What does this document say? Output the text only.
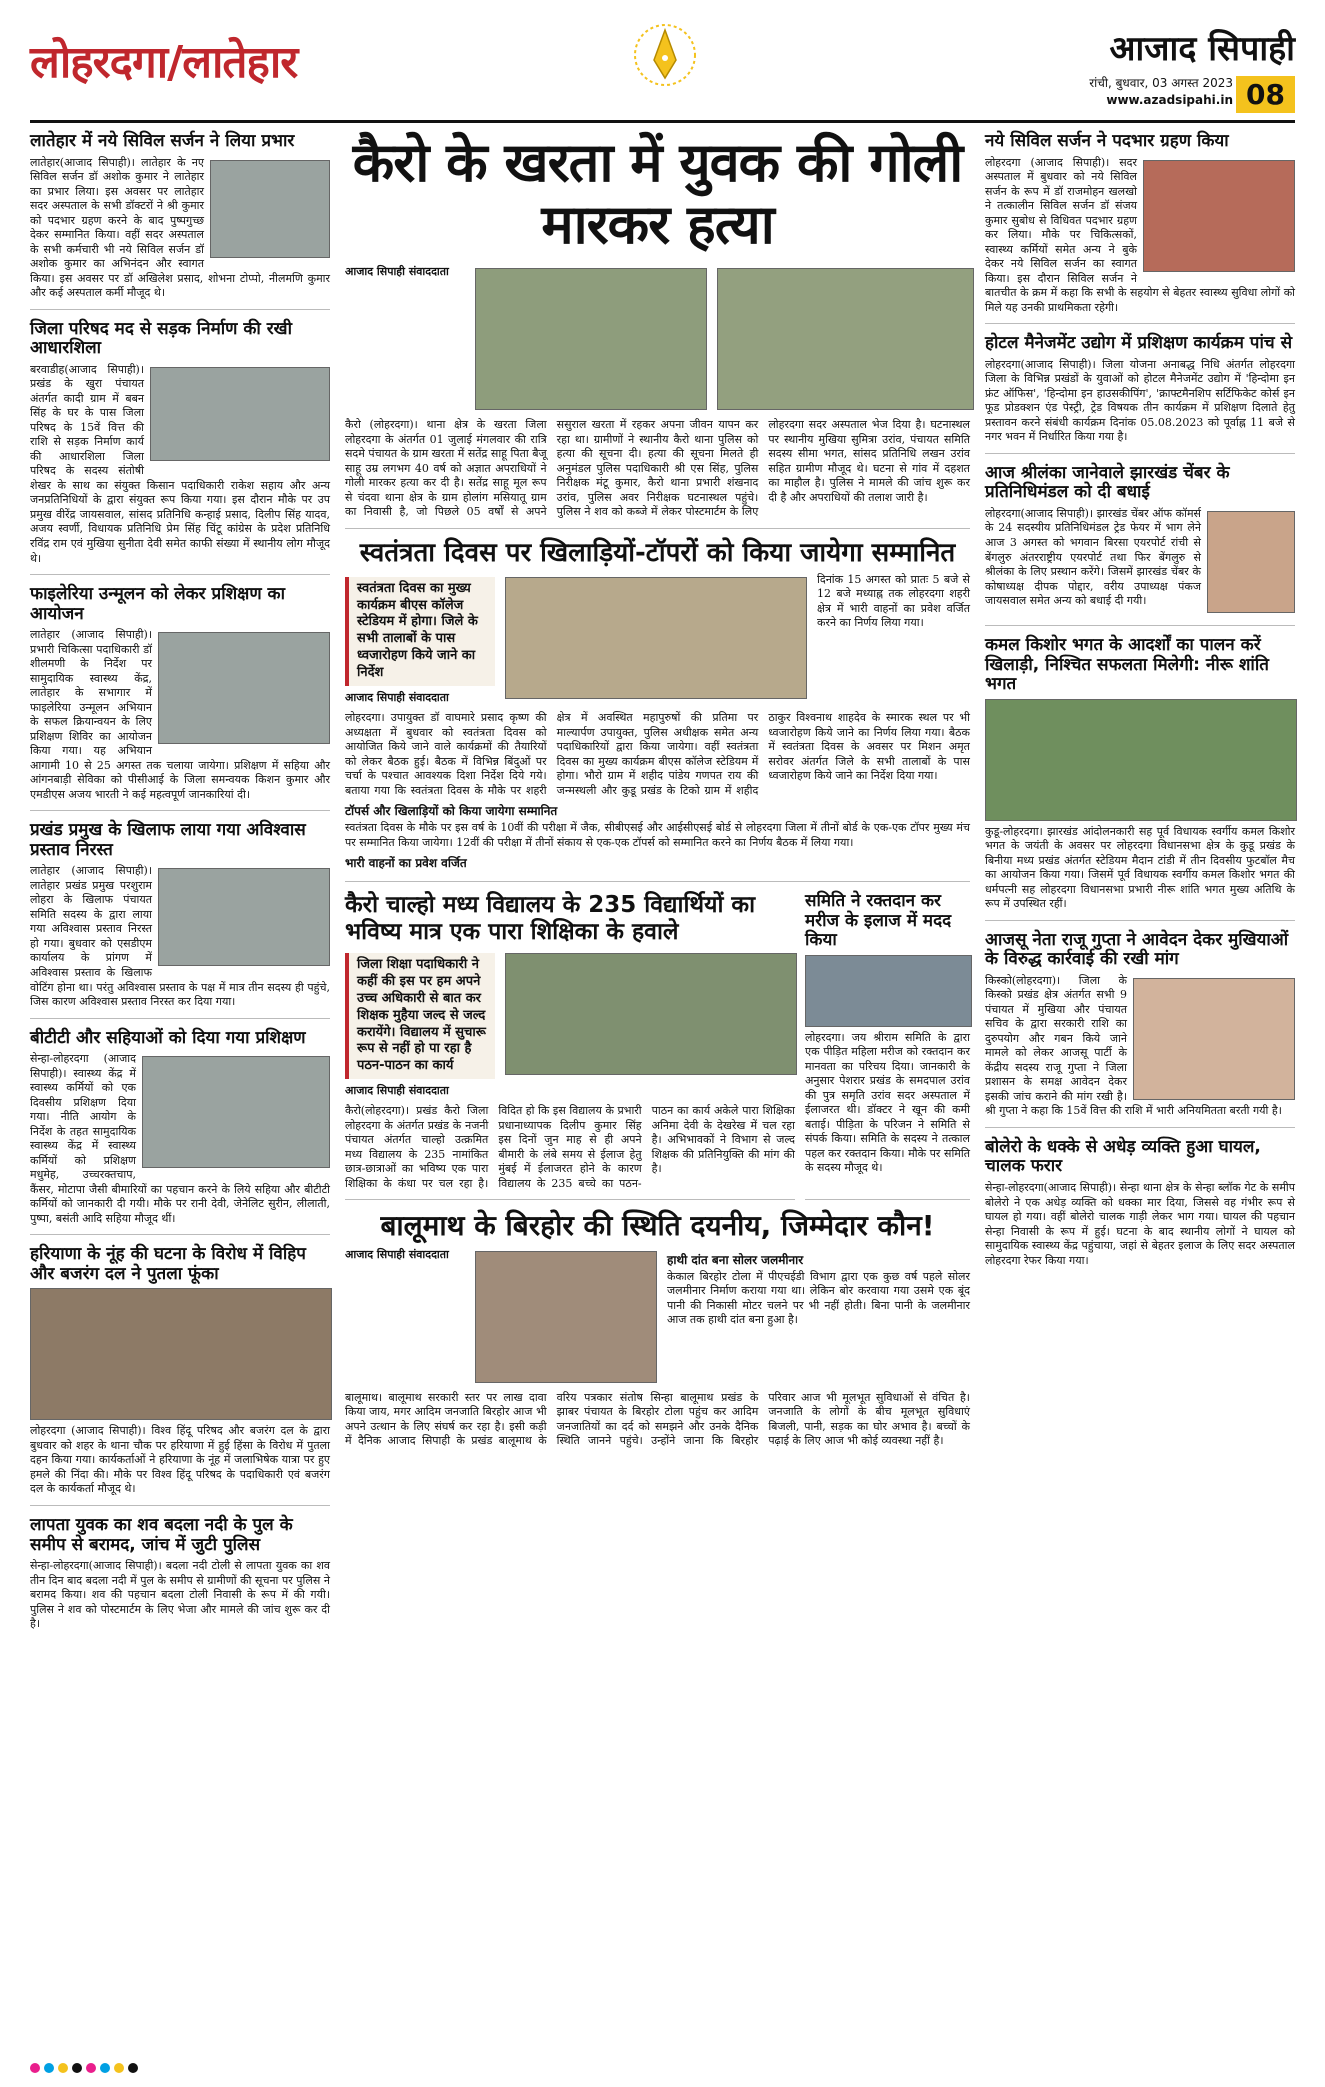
लोहरदगा/लातेहार	आजाद सिपाही
रांची, बुधवार, 03 अगस्त 2023
www.azadsipahi.in 08
लातेहार में नये सिविल सर्जन ने लिया प्रभार
लातेहार(आजाद सिपाही)। लातेहार के नए सिविल सर्जन डॉ अशोक कुमार ने लातेहार का प्रभार लिया। इस अवसर पर लातेहार सदर अस्पताल के सभी डॉक्टरों ने श्री कुमार को पदभार ग्रहण करने के बाद पुष्पगुच्छ देकर सम्मानित किया। वहीं सदर अस्पताल के सभी कर्मचारी भी नये सिविल सर्जन डॉ अशोक कुमार का अभिनंदन और स्वागत किया। इस अवसर पर डॉ अखिलेश प्रसाद, शोभना टोप्पो, नीलमणि कुमार और कई अस्पताल कर्मी मौजूद थे।
जिला परिषद मद से सड़क निर्माण की रखी आधारशिला
बरवाडीह(आजाद सिपाही)। प्रखंड के खुरा पंचायत अंतर्गत कादी ग्राम में बबन सिंह के घर के पास जिला परिषद के 15वें वित्त की राशि से सड़क निर्माण कार्य की आधारशिला जिला परिषद के सदस्य संतोषी शेखर के साथ का संयुक्त किसान पदाधिकारी राकेश सहाय और अन्य जनप्रतिनिधियों के द्वारा संयुक्त रूप किया गया। इस दौरान मौके पर उप प्रमुख वीरेंद्र जायसवाल, सांसद प्रतिनिधि कन्हाई प्रसाद, दिलीप सिंह यादव, अजय स्वर्णी, विधायक प्रतिनिधि प्रेम सिंह चिंटू कांग्रेस के प्रदेश प्रतिनिधि रविंद्र राम एवं मुखिया सुनीता देवी समेत काफी संख्या में स्थानीय लोग मौजूद थे।
फाइलेरिया उन्मूलन को लेकर प्रशिक्षण का आयोजन
लातेहार (आजाद सिपाही)। प्रभारी चिकित्सा पदाधिकारी डॉ शीलमणी के निर्देश पर सामुदायिक स्वास्थ्य केंद्र, लातेहार के सभागार में फाइलेरिया उन्मूलन अभियान के सफल क्रियान्वयन के लिए प्रशिक्षण शिविर का आयोजन किया गया। यह अभियान आगामी 10 से 25 अगस्त तक चलाया जायेगा। प्रशिक्षण में सहिया और आंगनबाड़ी सेविका को पीसीआई के जिला समन्वयक किशन कुमार और एमडीएस अजय भारती ने कई महत्वपूर्ण जानकारियां दी।
प्रखंड प्रमुख के खिलाफ लाया गया अविश्वास प्रस्ताव निरस्त
लातेहार (आजाद सिपाही)। लातेहार प्रखंड प्रमुख परशुराम लोहरा के खिलाफ पंचायत समिति सदस्य के द्वारा लाया गया अविश्वास प्रस्ताव निरस्त हो गया। बुधवार को एसडीएम कार्यालय के प्रांगण में अविश्वास प्रस्ताव के खिलाफ वोटिंग होना था। परंतु अविश्वास प्रस्ताव के पक्ष में मात्र तीन सदस्य ही पहुंचे, जिस कारण अविश्वास प्रस्ताव निरस्त कर दिया गया।
बीटीटी और सहियाओं को दिया गया प्रशिक्षण
सेन्हा-लोहरदगा (आजाद सिपाही)। स्वास्थ्य केंद्र में स्वास्थ्य कर्मियों को एक दिवसीय प्रशिक्षण दिया गया। नीति आयोग के निर्देश के तहत सामुदायिक स्वास्थ्य केंद्र में स्वास्थ्य कर्मियों को प्रशिक्षण मधुमेह, उच्चरक्तचाप, कैंसर, मोटापा जैसी बीमारियों का पहचान करने के लिये सहिया और बीटीटी कर्मियों को जानकारी दी गयी। मौके पर रानी देवी, जेनेलिट सुरीन, लीलाती, पुष्पा, बसंती आदि सहिया मौजूद थीं।
हरियाणा के नूंह की घटना के विरोध में विहिप और बजरंग दल ने पुतला फूंका
लोहरदगा (आजाद सिपाही)। विश्व हिंदू परिषद और बजरंग दल के द्वारा बुधवार को शहर के थाना चौक पर हरियाणा में हुई हिंसा के विरोध में पुतला दहन किया गया। कार्यकर्ताओं ने हरियाणा के नूंह में जलाभिषेक यात्रा पर हुए हमले की निंदा की। मौके पर विश्व हिंदू परिषद के पदाधिकारी एवं बजरंग दल के कार्यकर्ता मौजूद थे।
लापता युवक का शव बदला नदी के पुल के समीप से बरामद, जांच में जुटी पुलिस
सेन्हा-लोहरदगा(आजाद सिपाही)। बदला नदी टोली से लापता युवक का शव तीन दिन बाद बदला नदी में पुल के समीप से ग्रामीणों की सूचना पर पुलिस ने बरामद किया। शव की पहचान बदला टोली निवासी के रूप में की गयी। पुलिस ने शव को पोस्टमार्टम के लिए भेजा और मामले की जांच शुरू कर दी है।
कैरो के खरता में युवक की गोली मारकर हत्या
आजाद सिपाही संवाददाता
कैरो (लोहरदगा)। थाना क्षेत्र के खरता जिला लोहरदगा के अंतर्गत 01 जुलाई मंगलवार की रात्रि सदमे पंचायत के ग्राम खरता में सतेंद्र साहू पिता बैजू साहू उम्र लगभग 40 वर्ष को अज्ञात अपराधियों ने गोली मारकर हत्या कर दी है। सतेंद्र साहू मूल रूप से चंदवा थाना क्षेत्र के ग्राम होलांग मसियातू ग्राम का निवासी है, जो पिछले 05 वर्षों से अपने ससुराल खरता में रहकर अपना जीवन यापन कर रहा था। ग्रामीणों ने स्थानीय कैरो थाना पुलिस को हत्या की सूचना दी। हत्या की सूचना मिलते ही अनुमंडल पुलिस पदाधिकारी श्री एस सिंह, पुलिस निरीक्षक मंटू कुमार, कैरो थाना प्रभारी शंखनाद उरांव, पुलिस अवर निरीक्षक घटनास्थल पहुंचे। पुलिस ने शव को कब्जे में लेकर पोस्टमार्टम के लिए लोहरदगा सदर अस्पताल भेज दिया है। घटनास्थल पर स्थानीय मुखिया सुमित्रा उरांव, पंचायत समिति सदस्य सीमा भगत, सांसद प्रतिनिधि लखन उरांव सहित ग्रामीण मौजूद थे। घटना से गांव में दहशत का माहौल है। पुलिस ने मामले की जांच शुरू कर दी है और अपराधियों की तलाश जारी है।
स्वतंत्रता दिवस पर खिलाड़ियों-टॉपरों को किया जायेगा सम्मानित
स्वतंत्रता दिवस का मुख्य कार्यक्रम बीएस कॉलेज स्टेडियम में होगा। जिले के सभी तालाबों के पास ध्वजारोहण किये जाने का निर्देश
आजाद सिपाही संवाददाता
दिनांक 15 अगस्त को प्रातः 5 बजे से 12 बजे मध्याह्न तक लोहरदगा शहरी क्षेत्र में भारी वाहनों का प्रवेश वर्जित करने का निर्णय लिया गया।
लोहरदगा। उपायुक्त डॉ वाघमारे प्रसाद कृष्ण की अध्यक्षता में बुधवार को स्वतंत्रता दिवस को आयोजित किये जाने वाले कार्यक्रमों की तैयारियों को लेकर बैठक हुई। बैठक में विभिन्न बिंदुओं पर चर्चा के पश्चात आवश्यक दिशा निर्देश दिये गये। बताया गया कि स्वतंत्रता दिवस के मौके पर शहरी क्षेत्र में अवस्थित महापुरुषों की प्रतिमा पर माल्यार्पण उपायुक्त, पुलिस अधीक्षक समेत अन्य पदाधिकारियों द्वारा किया जायेगा। वहीं स्वतंत्रता दिवस का मुख्य कार्यक्रम बीएस कॉलेज स्टेडियम में होगा। भौरो ग्राम में शहीद पांडेय गणपत राय की जन्मस्थली और कुडू प्रखंड के टिको ग्राम में शहीद ठाकुर विश्वनाथ शाहदेव के स्मारक स्थल पर भी ध्वजारोहण किये जाने का निर्णय लिया गया। बैठक में स्वतंत्रता दिवस के अवसर पर मिशन अमृत सरोवर अंतर्गत जिले के सभी तालाबों के पास ध्वजारोहण किये जाने का निर्देश दिया गया।
टॉपर्स और खिलाड़ियों को किया जायेगा सम्मानित
स्वतंत्रता दिवस के मौके पर इस वर्ष के 10वीं की परीक्षा में जैक, सीबीएसई और आईसीएसई बोर्ड से लोहरदगा जिला में तीनों बोर्ड के एक-एक टॉपर मुख्य मंच पर सम्मानित किया जायेगा। 12वीं की परीक्षा में तीनों संकाय से एक-एक टॉपर्स को सम्मानित करने का निर्णय बैठक में लिया गया।
भारी वाहनों का प्रवेश वर्जित
कैरो चाल्हो मध्य विद्यालय के 235 विद्यार्थियों का भविष्य मात्र एक पारा शिक्षिका के हवाले
जिला शिक्षा पदाधिकारी ने कहीं की इस पर हम अपने उच्च अधिकारी से बात कर शिक्षक मुहैया जल्द से जल्द करायेंगे। विद्यालय में सुचारू रूप से नहीं हो पा रहा है पठन-पाठन का कार्य
आजाद सिपाही संवाददाता
कैरो(लोहरदगा)। प्रखंड कैरो जिला लोहरदगा के अंतर्गत प्रखंड के नजनी पंचायत अंतर्गत चाल्हो उत्क्रमित मध्य विद्यालय के 235 नामांकित छात्र-छात्राओं का भविष्य एक पारा शिक्षिका के कंधा पर चल रहा है। विदित हो कि इस विद्यालय के प्रभारी प्रधानाध्यापक दिलीप कुमार सिंह इस दिनों जुन माह से ही अपने बीमारी के लंबे समय से ईलाज हेतु मुंबई में ईलाजरत होने के कारण विद्यालय के 235 बच्चे का पठन-पाठन का कार्य अकेले पारा शिक्षिका अनिमा देवी के देखरेख में चल रहा है। अभिभावकों ने विभाग से जल्द शिक्षक की प्रतिनियुक्ति की मांग की है।
समिति ने रक्तदान कर मरीज के इलाज में मदद किया
लोहरदगा। जय श्रीराम समिति के द्वारा एक पीड़ित महिला मरीज को रक्तदान कर मानवता का परिचय दिया। जानकारी के अनुसार पेशरार प्रखंड के समदपाल उरांव की पुत्र समृति उरांव सदर अस्पताल में ईलाजरत थी। डॉक्टर ने खून की कमी बताई। पीड़िता के परिजन ने समिति से संपर्क किया। समिति के सदस्य ने तत्काल पहल कर रक्तदान किया। मौके पर समिति के सदस्य मौजूद थे।
बालूमाथ के बिरहोर की स्थिति दयनीय, जिम्मेदार कौन!
आजाद सिपाही संवाददाता	हाथी दांत बना सोलर जलमीनार
केकाल बिरहोर टोला में पीएचईडी विभाग द्वारा एक कुछ वर्ष पहले सोलर जलमीनार निर्माण कराया गया था। लेकिन बोर करवाया गया उसमे एक बूंद पानी की निकासी मोटर चलने पर भी नहीं होती। बिना पानी के जलमीनार आज तक हाथी दांत बना हुआ है।
बालूमाथ। बालूमाथ सरकारी स्तर पर लाख दावा किया जाय, मगर आदिम जनजाति बिरहोर आज भी अपने उत्थान के लिए संघर्ष कर रहा है। इसी कड़ी में दैनिक आजाद सिपाही के प्रखंड बालूमाथ के वरिय पत्रकार संतोष सिन्हा बालूमाथ प्रखंड के झाबर पंचायत के बिरहोर टोला पहुंच कर आदिम जनजातियों का दर्द को समझने और उनके दैनिक स्थिति जानने पहुंचे। उन्होंने जाना कि बिरहोर परिवार आज भी मूलभूत सुविधाओं से वंचित है। जनजाति के लोगों के बीच मूलभूत सुविधाएं बिजली, पानी, सड़क का घोर अभाव है। बच्चों के पढ़ाई के लिए आज भी कोई व्यवस्था नहीं है।
नये सिविल सर्जन ने पदभार ग्रहण किया
लोहरदगा (आजाद सिपाही)। सदर अस्पताल में बुधवार को नये सिविल सर्जन के रूप में डॉ राजमोहन खलखो ने तत्कालीन सिविल सर्जन डॉ संजय कुमार सुबोध से विधिवत पदभार ग्रहण कर लिया। मौके पर चिकित्सकों, स्वास्थ्य कर्मियों समेत अन्य ने बुके देकर नये सिविल सर्जन का स्वागत किया। इस दौरान सिविल सर्जन ने बातचीत के क्रम में कहा कि सभी के सहयोग से बेहतर स्वास्थ्य सुविधा लोगों को मिले यह उनकी प्राथमिकता रहेगी।
होटल मैनेजमेंट उद्योग में प्रशिक्षण कार्यक्रम पांच से
लोहरदगा(आजाद सिपाही)। जिला योजना अनाबद्ध निधि अंतर्गत लोहरदगा जिला के विभिन्न प्रखंडों के युवाओं को होटल मैनेजमेंट उद्योग में 'हिन्दोमा इन फ्रंट ऑफिस', 'हिन्दोमा इन हाउसकीपिंग', 'क्राफ्टमैनशिप सर्टिफिकेट कोर्स इन फूड प्रोडक्शन एंड पेस्ट्री, ट्रेड विषयक तीन कार्यक्रम में प्रशिक्षण दिलाते हेतु प्रस्तावन करने संबंधी कार्यक्रम दिनांक 05.08.2023 को पूर्वाह्न 11 बजे से नगर भवन में निर्धारित किया गया है।
आज श्रीलंका जानेवाले झारखंड चेंबर के प्रतिनिधिमंडल को दी बधाई
लोहरदगा(आजाद सिपाही)। झारखंड चेंबर ऑफ कॉमर्स के 24 सदस्यीय प्रतिनिधिमंडल ट्रेड फेयर में भाग लेने आज 3 अगस्त को भगवान बिरसा एयरपोर्ट रांची से बेंगलुरु अंतरराष्ट्रीय एयरपोर्ट तथा फिर बेंगलुरु से श्रीलंका के लिए प्रस्थान करेंगे। जिसमें झारखंड चेंबर के कोषाध्यक्ष दीपक पोद्दार, वरीय उपाध्यक्ष पंकज जायसवाल समेत अन्य को बधाई दी गयी।
कमल किशोर भगत के आदर्शों का पालन करें खिलाड़ी, निश्चित सफलता मिलेगी: नीरू शांति भगत
कुडू-लोहरदगा। झारखंड आंदोलनकारी सह पूर्व विधायक स्वर्गीय कमल किशोर भगत के जयंती के अवसर पर लोहरदगा विधानसभा क्षेत्र के कुडू प्रखंड के बिनीया मध्य प्रखंड अंतर्गत स्टेडियम मैदान टांडी में तीन दिवसीय फुटबॉल मैच का आयोजन किया गया। जिसमें पूर्व विधायक स्वर्गीय कमल किशोर भगत की धर्मपत्नी सह लोहरदगा विधानसभा प्रभारी नीरू शांति भगत मुख्य अतिथि के रूप में उपस्थित रहीं।
आजसू नेता राजू गुप्ता ने आवेदन देकर मुखियाओं के विरुद्ध कार्रवाई की रखी मांग
किस्को(लोहरदगा)। जिला के किस्को प्रखंड क्षेत्र अंतर्गत सभी 9 पंचायत में मुखिया और पंचायत सचिव के द्वारा सरकारी राशि का दुरुपयोग और गबन किये जाने मामले को लेकर आजसू पार्टी के केंद्रीय सदस्य राजू गुप्ता ने जिला प्रशासन के समक्ष आवेदन देकर इसकी जांच कराने की मांग रखी है। श्री गुप्ता ने कहा कि 15वें वित्त की राशि में भारी अनियमितता बरती गयी है।
बोलेरो के धक्के से अधेड़ व्यक्ति हुआ घायल, चालक फरार
सेन्हा-लोहरदगा(आजाद सिपाही)। सेन्हा थाना क्षेत्र के सेन्हा ब्लॉक गेट के समीप बोलेरो ने एक अधेड़ व्यक्ति को धक्का मार दिया, जिससे वह गंभीर रूप से घायल हो गया। वहीं बोलेरो चालक गाड़ी लेकर भाग गया। घायल की पहचान सेन्हा निवासी के रूप में हुई। घटना के बाद स्थानीय लोगों ने घायल को सामुदायिक स्वास्थ्य केंद्र पहुंचाया, जहां से बेहतर इलाज के लिए सदर अस्पताल लोहरदगा रेफर किया गया।
